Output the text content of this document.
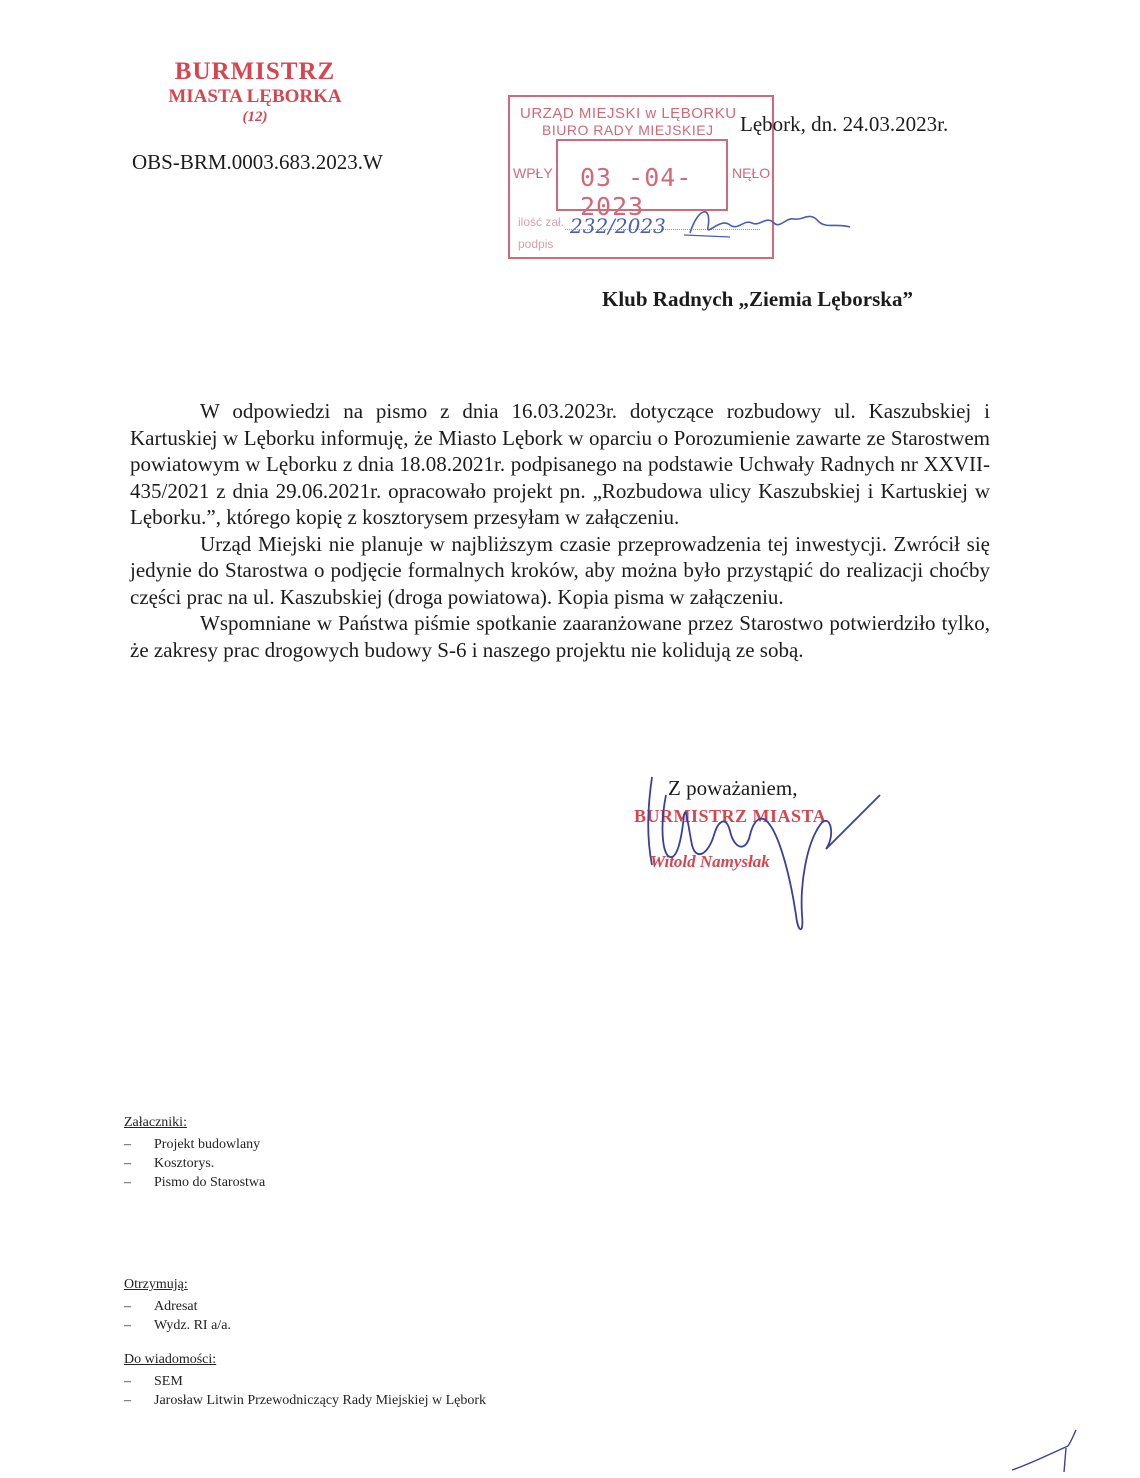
BURMISTRZ
MIASTA LĘBORKA
(12)
OBS-BRM.0003.683.2023.W
URZĄD MIEJSKI w LĘBORKU
BIURO RADY MIEJSKIEJ
WPŁY 03 -04- 2023
NĘŁO
ilość zał.
podpis
232/2023
Lębork, dn. 24.03.2023r.
Klub Radnych „Ziemia Lęborska”

W odpowiedzi na pismo z dnia 16.03.2023r. dotyczące rozbudowy ul. Kaszubskiej i Kartuskiej w Lęborku informuję, że Miasto Lębork w oparciu o Porozumienie zawarte ze Starostwem powiatowym w Lęborku z dnia 18.08.2021r. podpisanego na podstawie Uchwały Radnych nr XXVII-435/2021 z dnia 29.06.2021r. opracowało projekt pn. „Rozbudowa ulicy Kaszubskiej i Kartuskiej w Lęborku.”, którego kopię z kosztorysem przesyłam w załączeniu.

Urząd Miejski nie planuje w najbliższym czasie przeprowadzenia tej inwestycji. Zwrócił się jedynie do Starostwa o podjęcie formalnych kroków, aby można było przystąpić do realizacji choćby części prac na ul. Kaszubskiej (droga powiatowa). Kopia pisma w załączeniu.

Wspomniane w Państwa piśmie spotkanie zaaranżowane przez Starostwo potwierdziło tylko, że zakresy prac drogowych budowy S-6 i naszego projektu nie kolidują ze sobą.

Z poważaniem,
BURMISTRZ MIASTA
Witold Namysłak
Załaczniki:
– Projekt budowlany
– Kosztorys.
– Pismo do Starostwa
Otrzymują:
– Adresat
– Wydz. RI a/a.
Do wiadomości:
– SEM
– Jarosław Litwin Przewodniczący Rady Miejskiej w Lębork
